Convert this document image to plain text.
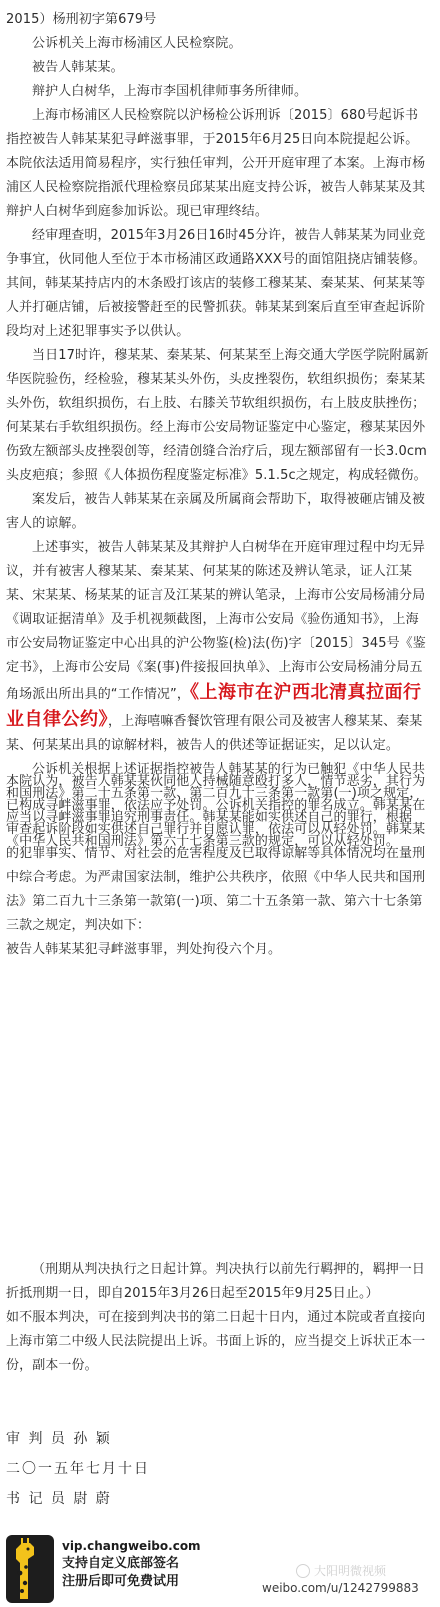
2015）杨刑初字第679号

公诉机关上海市杨浦区人民检察院。

被告人韩某某。

辩护人白树华，上海市李国机律师事务所律师。

上海市杨浦区人民检察院以沪杨检公诉刑诉〔2015〕680号起诉书指控被告人韩某某犯寻衅滋事罪，于2015年6月25日向本院提起公诉。本院依法适用简易程序，实行独任审判，公开开庭审理了本案。上海市杨浦区人民检察院指派代理检察员邱某某出庭支持公诉，被告人韩某某及其辩护人白树华到庭参加诉讼。现已审理终结。

经审理查明，2015年3月26日16时45分许，被告人韩某某为同业竞争事宜，伙同他人至位于本市杨浦区政通路XXX号的面馆阻挠店铺装修。其间，韩某某持店内的木条殴打该店的装修工穆某某、秦某某、何某某等人并打砸店铺，后被接警赶至的民警抓获。韩某某到案后直至审查起诉阶段均对上述犯罪事实予以供认。

当日17时许，穆某某、秦某某、何某某至上海交通大学医学院附属新华医院验伤，经检验，穆某某头外伤，头皮挫裂伤，软组织损伤；秦某某头外伤，软组织损伤，右上肢、右膝关节软组织损伤，右上肢皮肤挫伤；何某某右手软组织损伤。经上海市公安局物证鉴定中心鉴定，穆某某因外伤致左额部头皮挫裂创等，经清创缝合治疗后，现左额部留有一长3.0cm头皮疤痕；参照《人体损伤程度鉴定标准》5.1.5c之规定，构成轻微伤。

案发后，被告人韩某某在亲属及所属商会帮助下，取得被砸店铺及被害人的谅解。

上述事实，被告人韩某某及其辩护人白树华在开庭审理过程中均无异议，并有被害人穆某某、秦某某、何某某的陈述及辨认笔录，证人江某某、宋某某、杨某某的证言及江某某的辨认笔录，上海市公安局杨浦分局《调取证据清单》及手机视频截图，上海市公安局《验伤通知书》，上海市公安局物证鉴定中心出具的沪公物鉴(检)法(伤)字〔2015〕345号《鉴定书》，上海市公安局《案(事)件接报回执单》、上海市公安局杨浦分局五角场派出所出具的“工作情况”，《上海市在沪西北清真拉面行业自律公约》，上海嘻嘛香餐饮管理有限公司及被害人穆某某、秦某某、何某某出具的谅解材料，被告人的供述等证据证实，足以认定。

公诉机关根据上述证据指控被告人韩某某的行为已触犯《中华人民共和国刑法》第二十五条第一款、第二百九十三条第一款第(一)项之规定，应当以寻衅滋事罪追究刑事责任。韩某某能如实供述自己的罪行，根据《中华人民共和国刑法》第六十七条第三款的规定，可以从轻处罚。

本院认为，被告人韩某某伙同他人持械随意殴打多人，情节恶劣，其行为已构成寻衅滋事罪，依法应予处罚。公诉机关指控的罪名成立。韩某某在审查起诉阶段如实供述自己罪行并自愿认罪，依法可以从轻处罚。韩某某的犯罪事实、情节、对社会的危害程度及已取得谅解等具体情况均在量刑中综合考虑。为严肃国家法制，维护公共秩序，依照《中华人民共和国刑法》第二百九十三条第一款第(一)项、第二十五条第一款、第六十七条第三款之规定，判决如下：

被告人韩某某犯寻衅滋事罪，判处拘役六个月。

（刑期从判决执行之日起计算。判决执行以前先行羁押的，羁押一日折抵刑期一日，即自2015年3月26日起至2015年9月25日止。）

如不服本判决，可在接到判决书的第二日起十日内，通过本院或者直接向上海市第二中级人民法院提出上诉。书面上诉的，应当提交上诉状正本一份，副本一份。

审 判 员 孙 颖

二〇一五年七月十日

书 记 员 尉 蔚

vip.changweibo.com
支持自定义底部签名
注册后即可免费试用
大阳明微视频
weibo.com/u/1242799883
